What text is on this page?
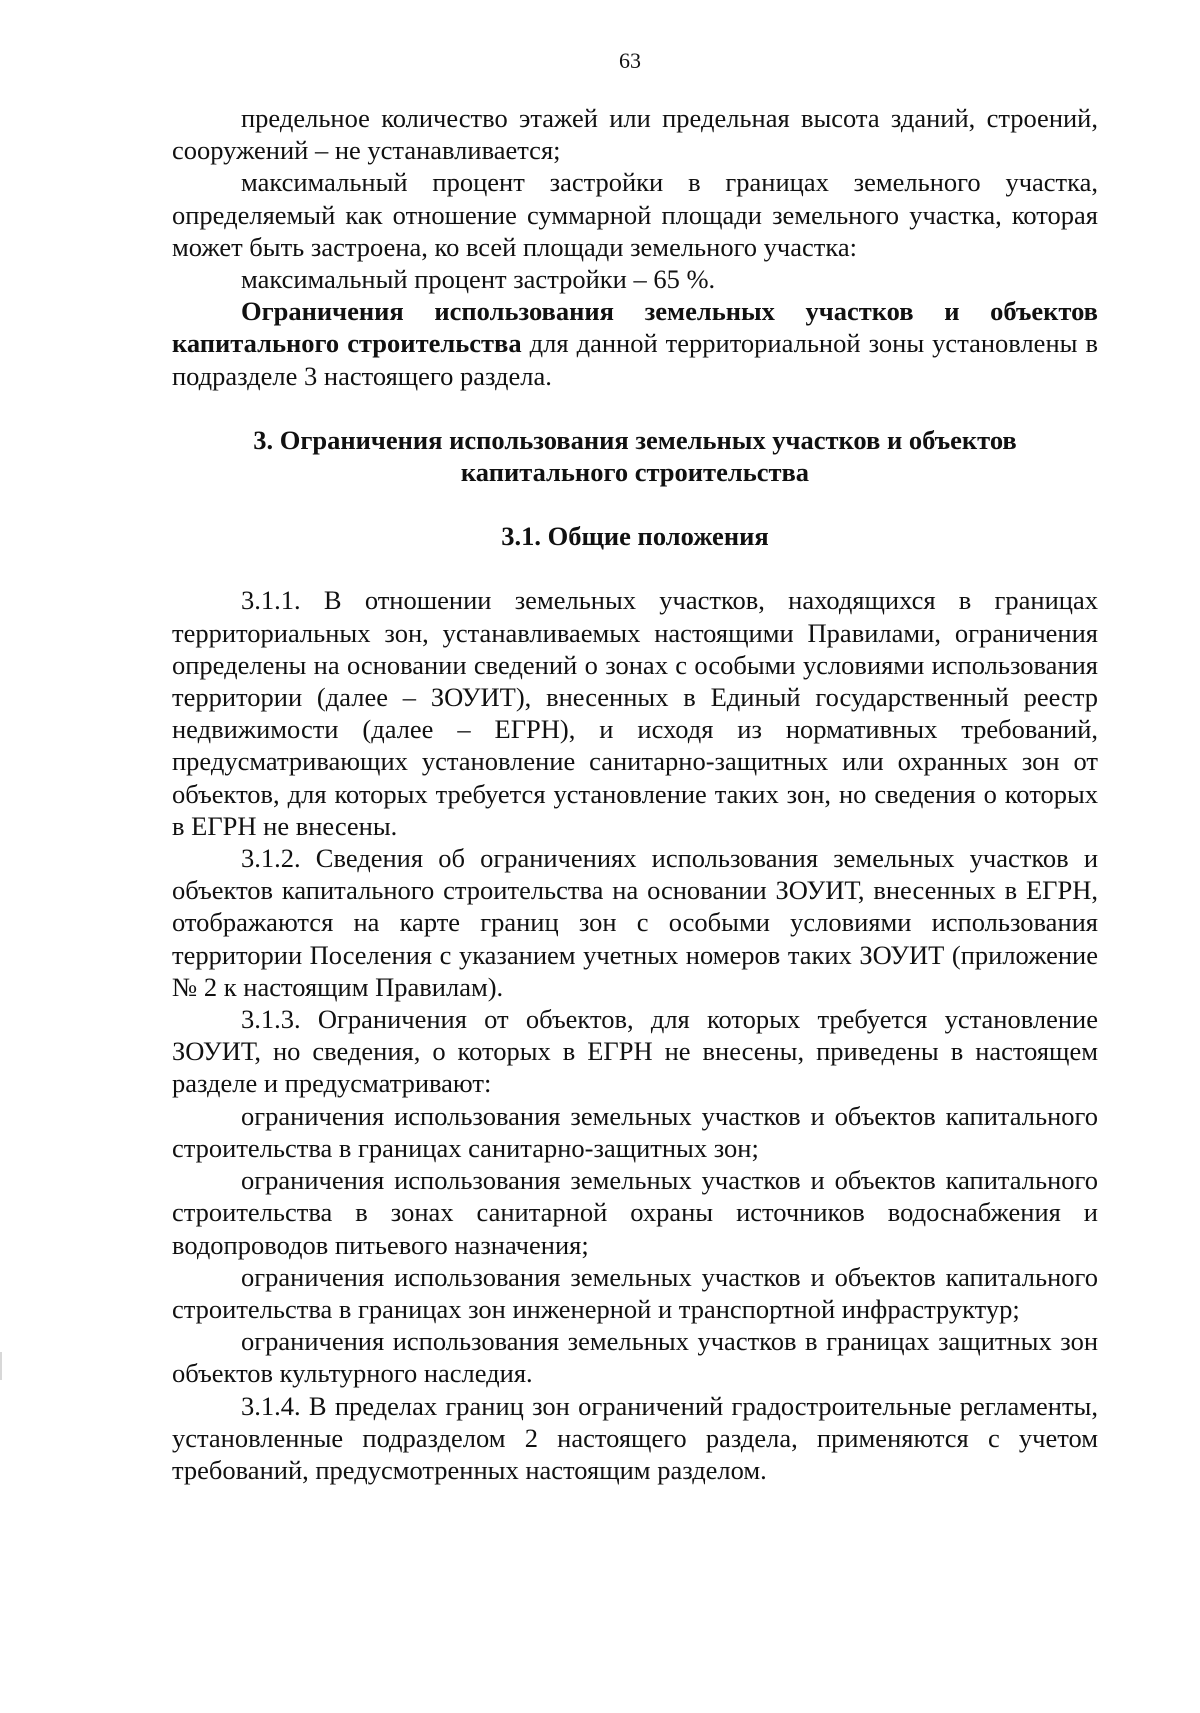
63

предельное количество этажей или предельная высота зданий, строений, сооружений – не устанавливается;

максимальный процент застройки в границах земельного участка, определяемый как отношение суммарной площади земельного участка, которая может быть застроена, ко всей площади земельного участка:

максимальный процент застройки – 65 %.

Ограничения использования земельных участков и объектов капитального строительства для данной территориальной зоны установлены в подразделе 3 настоящего раздела.

3. Ограничения использования земельных участков и объектов капитального строительства

3.1. Общие положения

3.1.1. В отношении земельных участков, находящихся в границах территориальных зон, устанавливаемых настоящими Правилами, ограничения определены на основании сведений о зонах с особыми условиями использования территории (далее – ЗОУИТ), внесенных в Единый государственный реестр недвижимости (далее – ЕГРН), и исходя из нормативных требований, предусматривающих установление санитарно-защитных или охранных зон от объектов, для которых требуется установление таких зон, но сведения о которых в ЕГРН не внесены.

3.1.2. Сведения об ограничениях использования земельных участков и объектов капитального строительства на основании ЗОУИТ, внесенных в ЕГРН, отображаются на карте границ зон с особыми условиями использования территории Поселения с указанием учетных номеров таких ЗОУИТ (приложение № 2 к настоящим Правилам).

3.1.3. Ограничения от объектов, для которых требуется установление ЗОУИТ, но сведения, о которых в ЕГРН не внесены, приведены в настоящем разделе и предусматривают:

ограничения использования земельных участков и объектов капитального строительства в границах санитарно-защитных зон;

ограничения использования земельных участков и объектов капитального строительства в зонах санитарной охраны источников водоснабжения и водопроводов питьевого назначения;

ограничения использования земельных участков и объектов капитального строительства в границах зон инженерной и транспортной инфраструктур;

ограничения использования земельных участков в границах защитных зон объектов культурного наследия.

3.1.4. В пределах границ зон ограничений градостроительные регламенты, установленные подразделом 2 настоящего раздела, применяются с учетом требований, предусмотренных настоящим разделом.
